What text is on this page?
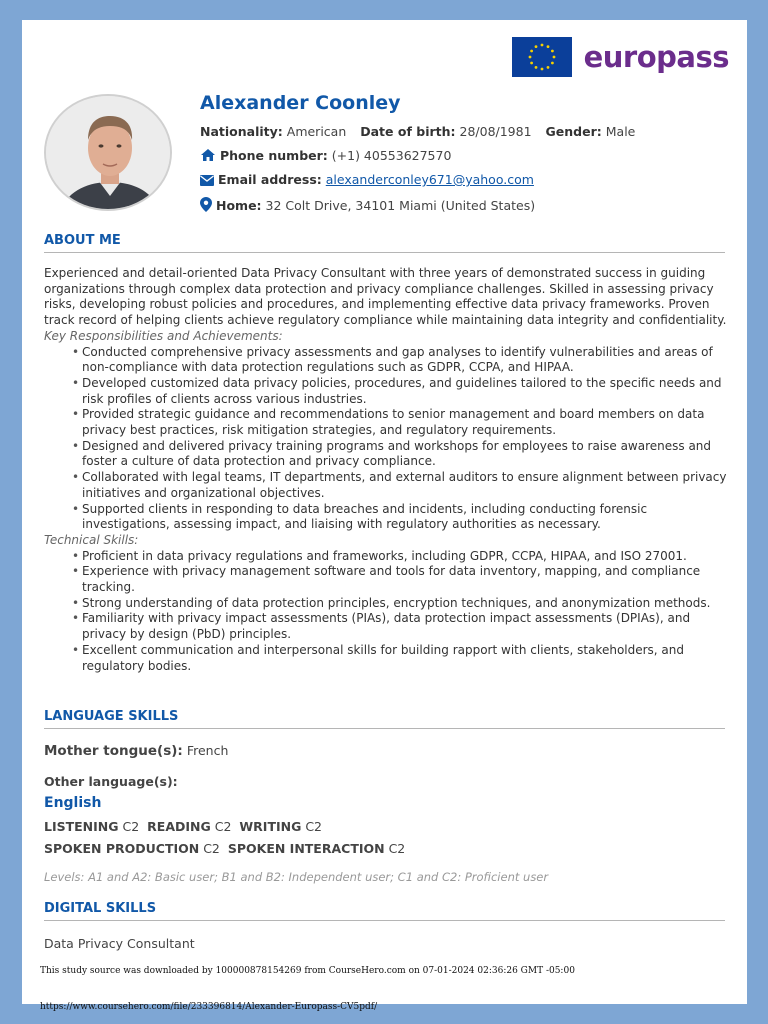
europass
Alexander Coonley
Nationality: American Date of birth: 28/08/1981 Gender: Male
Phone number: (+1) 40553627570
Email address: alexanderconley671@yahoo.com
Home: 32 Colt Drive, 34101 Miami (United States)
ABOUT ME

Experienced and detail-oriented Data Privacy Consultant with three years of demonstrated success in guiding organizations through complex data protection and privacy compliance challenges. Skilled in assessing privacy risks, developing robust policies and procedures, and implementing effective data privacy frameworks. Proven track record of helping clients achieve regulatory compliance while maintaining data integrity and confidentiality.

Key Responsibilities and Achievements:

• Conducted comprehensive privacy assessments and gap analyses to identify vulnerabilities and areas of non-compliance with data protection regulations such as GDPR, CCPA, and HIPAA.
• Developed customized data privacy policies, procedures, and guidelines tailored to the specific needs and risk profiles of clients across various industries.
• Provided strategic guidance and recommendations to senior management and board members on data privacy best practices, risk mitigation strategies, and regulatory requirements.
• Designed and delivered privacy training programs and workshops for employees to raise awareness and foster a culture of data protection and privacy compliance.
• Collaborated with legal teams, IT departments, and external auditors to ensure alignment between privacy initiatives and organizational objectives.
• Supported clients in responding to data breaches and incidents, including conducting forensic investigations, assessing impact, and liaising with regulatory authorities as necessary.

Technical Skills:

• Proficient in data privacy regulations and frameworks, including GDPR, CCPA, HIPAA, and ISO 27001.
• Experience with privacy management software and tools for data inventory, mapping, and compliance tracking.
• Strong understanding of data protection principles, encryption techniques, and anonymization methods.
• Familiarity with privacy impact assessments (PIAs), data protection impact assessments (DPIAs), and privacy by design (PbD) principles.
• Excellent communication and interpersonal skills for building rapport with clients, stakeholders, and regulatory bodies.
LANGUAGE SKILLS
Mother tongue(s): French
Other language(s):
English
LISTENING C2 READING C2 WRITING C2
SPOKEN PRODUCTION C2 SPOKEN INTERACTION C2
Levels: A1 and A2: Basic user; B1 and B2: Independent user; C1 and C2: Proficient user
DIGITAL SKILLS
Data Privacy Consultant
This study source was downloaded by 100000878154269 from CourseHero.com on 07-01-2024 02:36:26 GMT -05:00
https://www.coursehero.com/file/233396814/Alexander-Europass-CV5pdf/
